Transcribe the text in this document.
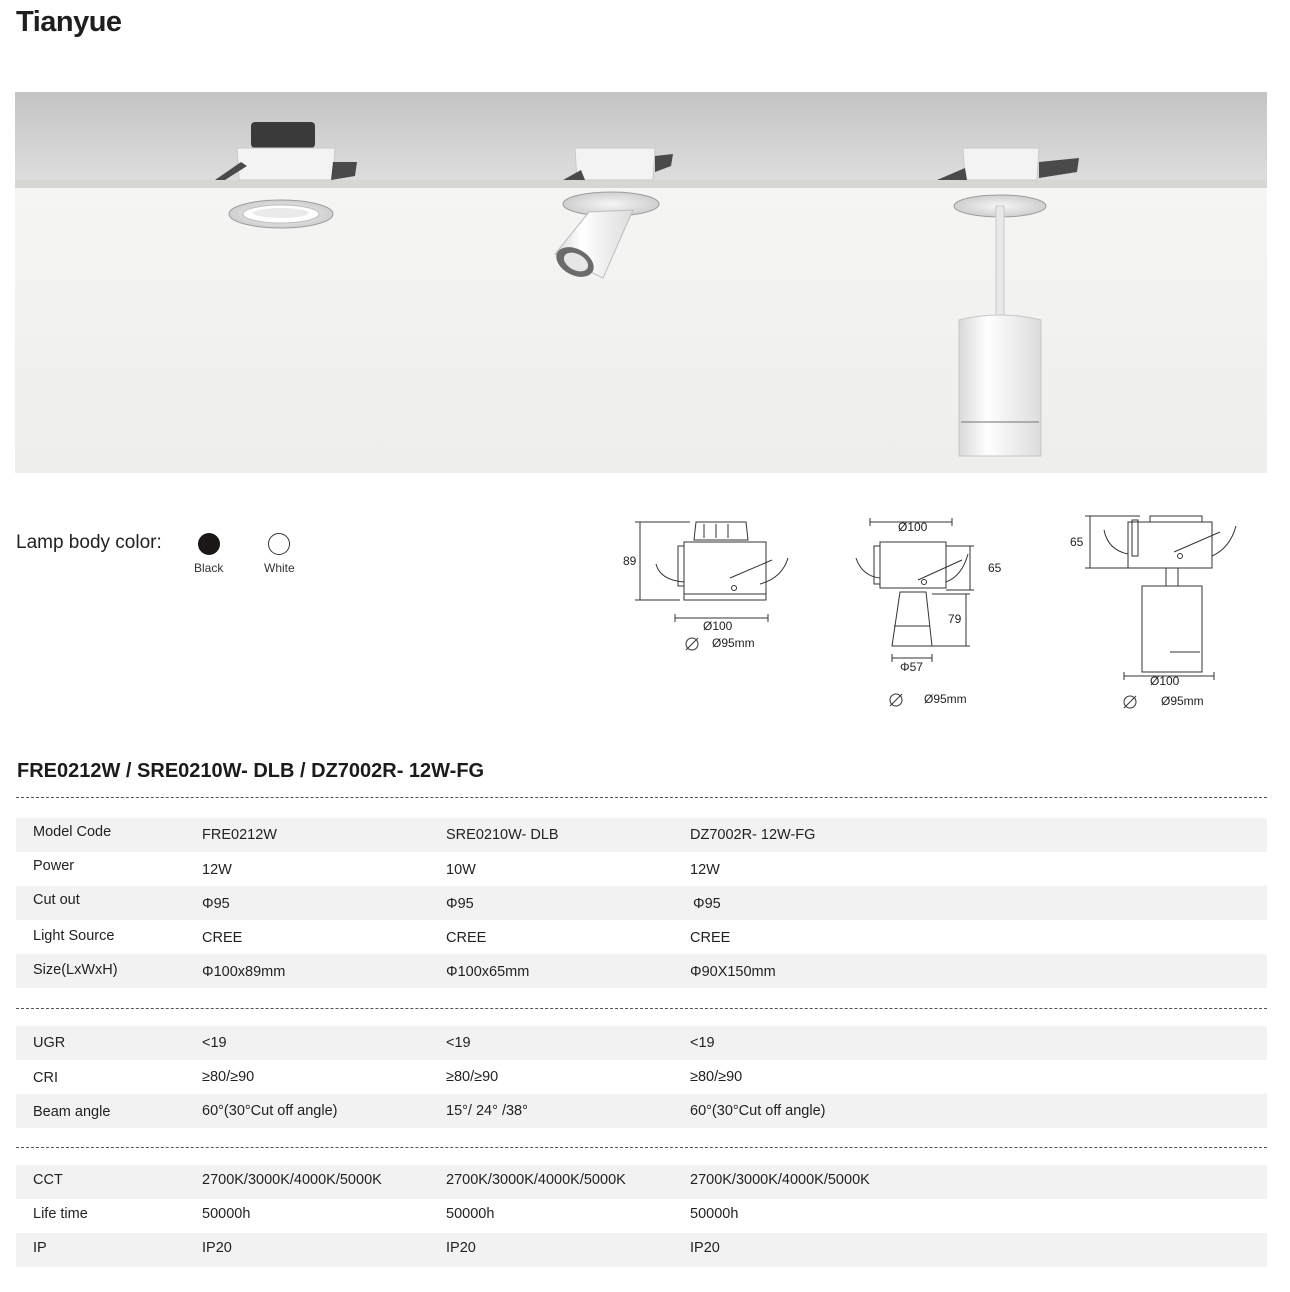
Tianyue
Lamp body color:
Black	White	89
Ø100
Ø95mm
Ø100
65
79
Φ57
Ø95mm
65
Ø100
Ø95mm
FRE0212W / SRE0210W- DLB / DZ7002R- 12W-FG
Model Code	FRE0212W	SRE0210W- DLB	DZ7002R- 12W-FG
Power	12W	10W	12W
Cut out	Φ95	Φ95	Φ95
Light Source	CREE	CREE	CREE
Size(LxWxH)	Φ100x89mm	Φ100x65mm	Φ90X150mm
UGR	<19	<19	<19
CRI	≥80/≥90	≥80/≥90	≥80/≥90
Beam angle	60°(30°Cut off angle)	15°/ 24° /38°	60°(30°Cut off angle)
CCT	2700K/3000K/4000K/5000K	2700K/3000K/4000K/5000K	2700K/3000K/4000K/5000K
Life time	50000h	50000h	50000h
IP	IP20	IP20	IP20
